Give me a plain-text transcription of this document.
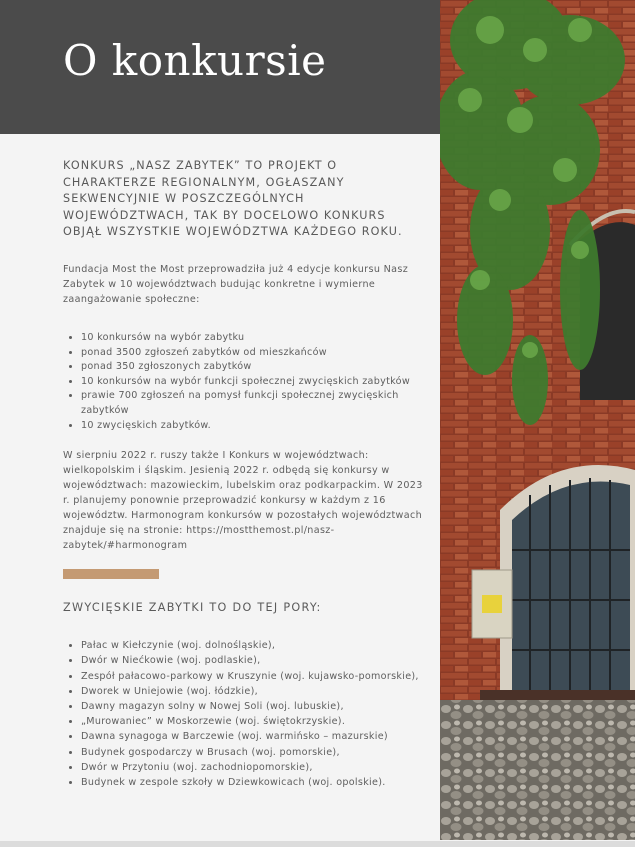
O konkursie

KONKURS „NASZ ZABYTEK” TO PROJEKT O CHARAKTERZE REGIONALNYM, OGŁASZANY SEKWENCYJNIE W POSZCZEGÓLNYCH WOJEWÓDZTWACH, TAK BY DOCELOWO KONKURS OBJĄŁ WSZYSTKIE WOJEWÓDZTWA KAŻDEGO ROKU.

Fundacja Most the Most przeprowadziła już 4 edycje konkursu Nasz Zabytek w 10 województwach budując konkretne i wymierne zaangażowanie społeczne:

• 10 konkursów na wybór zabytku
• ponad 3500 zgłoszeń zabytków od mieszkańców
• ponad 350 zgłoszonych zabytków
• 10 konkursów na wybór funkcji społecznej zwycięskich zabytków
• prawie 700 zgłoszeń na pomysł funkcji społecznej zwycięskich zabytków
• 10 zwycięskich zabytków.

W sierpniu 2022 r. ruszy także I Konkurs w województwach: wielkopolskim i śląskim. Jesienią 2022 r. odbędą się konkursy w województwach: mazowieckim, lubelskim oraz podkarpackim. W 2023 r. planujemy ponownie przeprowadzić konkursy w każdym z 16 województw. Harmonogram konkursów w pozostałych województwach znajduje się na stronie: https://mostthemost.pl/nasz-zabytek/#harmonogram

ZWYCIĘSKIE ZABYTKI TO DO TEJ PORY:
• Pałac w Kiełczynie (woj. dolnośląskie),
• Dwór w Niećkowie (woj. podlaskie),
• Zespół pałacowo-parkowy w Kruszynie (woj. kujawsko-pomorskie),
• Dworek w Uniejowie (woj. łódzkie),
• Dawny magazyn solny w Nowej Soli (woj. lubuskie),
• „Murowaniec” w Moskorzewie (woj. świętokrzyskie).
• Dawna synagoga w Barczewie (woj. warmińsko – mazurskie)
• Budynek gospodarczy w Brusach (woj. pomorskie),
• Dwór w Przytoniu (woj. zachodniopomorskie),
• Budynek w zespole szkoły w Dziewkowicach (woj. opolskie).
